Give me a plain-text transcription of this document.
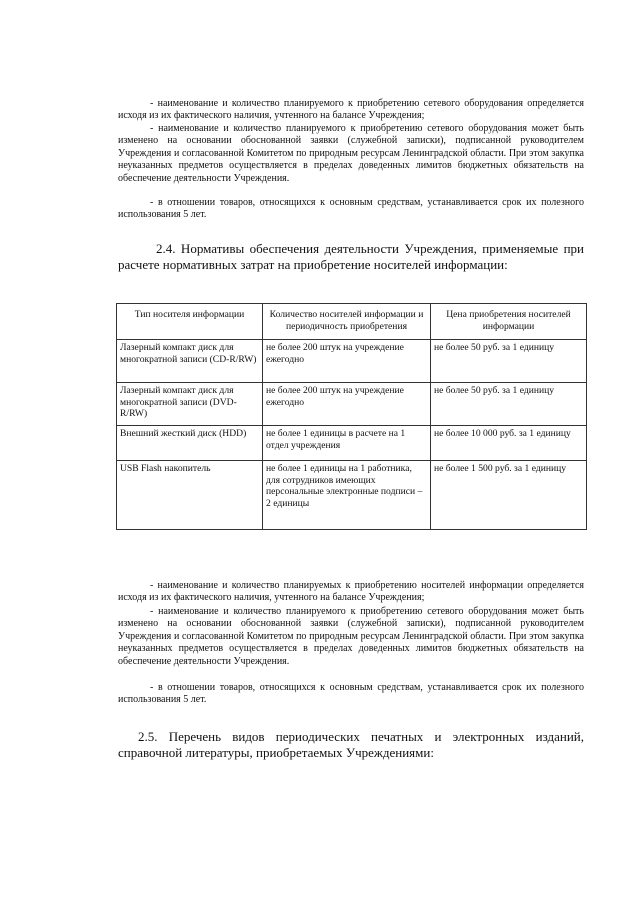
- наименование и количество планируемого к приобретению сетевого оборудования определяется исходя из их фактического наличия, учтенного на балансе Учреждения;

- наименование и количество планируемого к приобретению сетевого оборудования может быть изменено на основании обоснованной заявки (служебной записки), подписанной руководителем Учреждения и согласованной Комитетом по природным ресурсам Ленинградской области. При этом закупка неуказанных предметов осуществляется в пределах доведенных лимитов бюджетных обязательств на обеспечение деятельности Учреждения.

- в отношении товаров, относящихся к основным средствам, устанавливается срок их полезного использования 5 лет.

2.4. Нормативы обеспечения деятельности Учреждения, применяемые при расчете нормативных затрат на приобретение носителей информации:

Тип носителя информации	Количество носителей информации и периодичность приобретения	Цена приобретения носителей информации
Лазерный компакт диск для многократной записи (CD-R/RW)	не более 200 штук на учреждение ежегодно	не более 50 руб. за 1 единицу
Лазерный компакт диск для многократной записи (DVD-R/RW)	не более 200 штук на учреждение ежегодно	не более 50 руб. за 1 единицу
Внешний жесткий диск (HDD)	не более 1 единицы в расчете на 1 отдел учреждения	не более 10 000 руб. за 1 единицу
USB Flash накопитель	не более 1 единицы на 1 работника, для сотрудников имеющих персональные электронные подписи – 2 единицы	не более 1 500 руб. за 1 единицу

- наименование и количество планируемых к приобретению носителей информации определяется исходя из их фактического наличия, учтенного на балансе Учреждения;

- наименование и количество планируемого к приобретению сетевого оборудования может быть изменено на основании обоснованной заявки (служебной записки), подписанной руководителем Учреждения и согласованной Комитетом по природным ресурсам Ленинградской области. При этом закупка неуказанных предметов осуществляется в пределах доведенных лимитов бюджетных обязательств на обеспечение деятельности Учреждения.

- в отношении товаров, относящихся к основным средствам, устанавливается срок их полезного использования 5 лет.

2.5. Перечень видов периодических печатных и электронных изданий, справочной литературы, приобретаемых Учреждениями:
